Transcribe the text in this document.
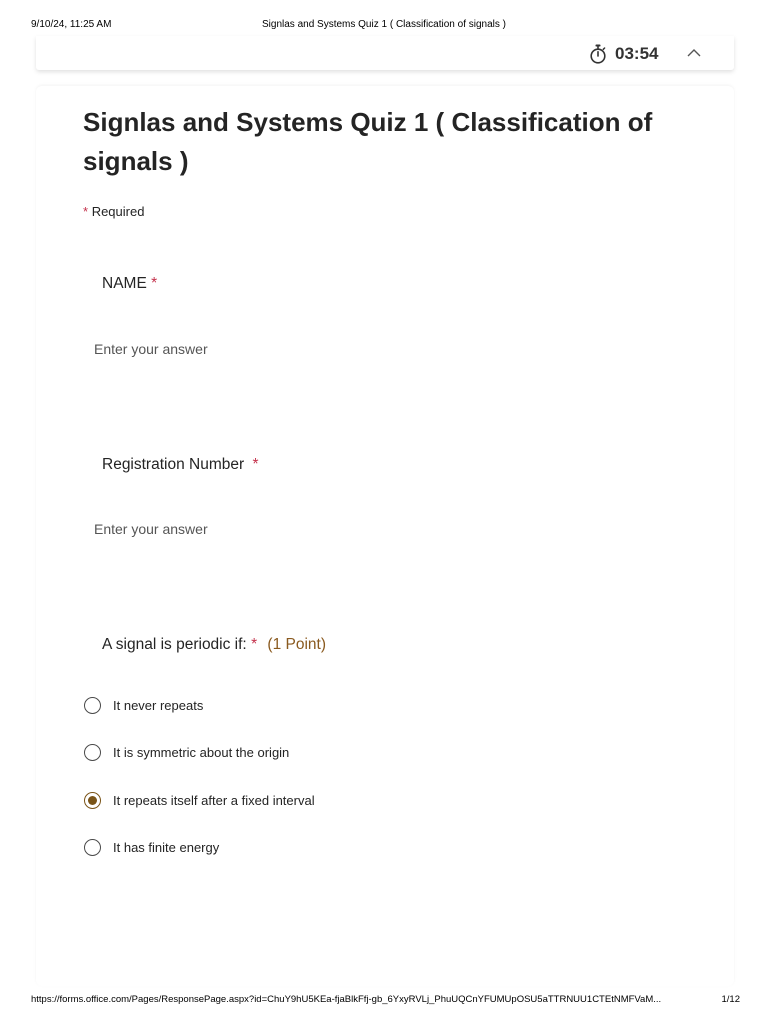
9/10/24, 11:25 AM	Signlas and Systems Quiz 1 ( Classification of signals )
03:54
Signlas and Systems Quiz 1 ( Classification of signals )
* Required
NAME *
Enter your answer
Registration Number *
Enter your answer
A signal is periodic if: * (1 Point)
It never repeats
It is symmetric about the origin
It repeats itself after a fixed interval
It has finite energy
https://forms.office.com/Pages/ResponsePage.aspx?id=ChuY9hU5KEa-fjaBlkFfj-gb_6YxyRVLj_PhuUQCnYFUMUpOSU5aTTRNUU1CTEtNMFVaM...	1/12
